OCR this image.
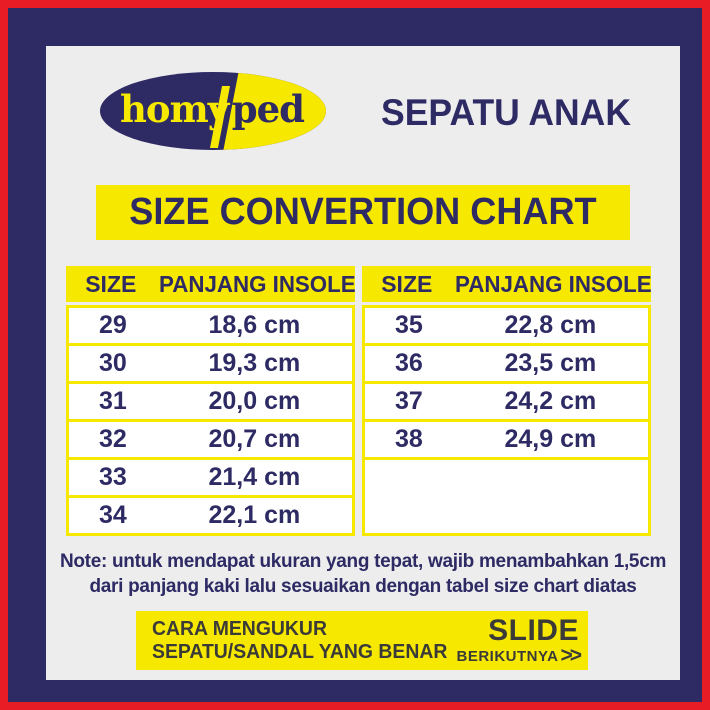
homy ped	SEPATU ANAK
SIZE CONVERTION CHART
SIZE PANJANG INSOLE
29	18,6 cm
30	19,3 cm
31	20,0 cm
32	20,7 cm
33	21,4 cm
34	22,1 cm
SIZE PANJANG INSOLE
35	22,8 cm
36	23,5 cm
37	24,2 cm
38	24,9 cm
Note: untuk mendapat ukuran yang tepat, wajib menambahkan 1,5cm
dari panjang kaki lalu sesuaikan dengan tabel size chart diatas
CARA MENGUKUR
SEPATU/SANDAL YANG BENAR
SLIDE
BERIKUTNYA >>
